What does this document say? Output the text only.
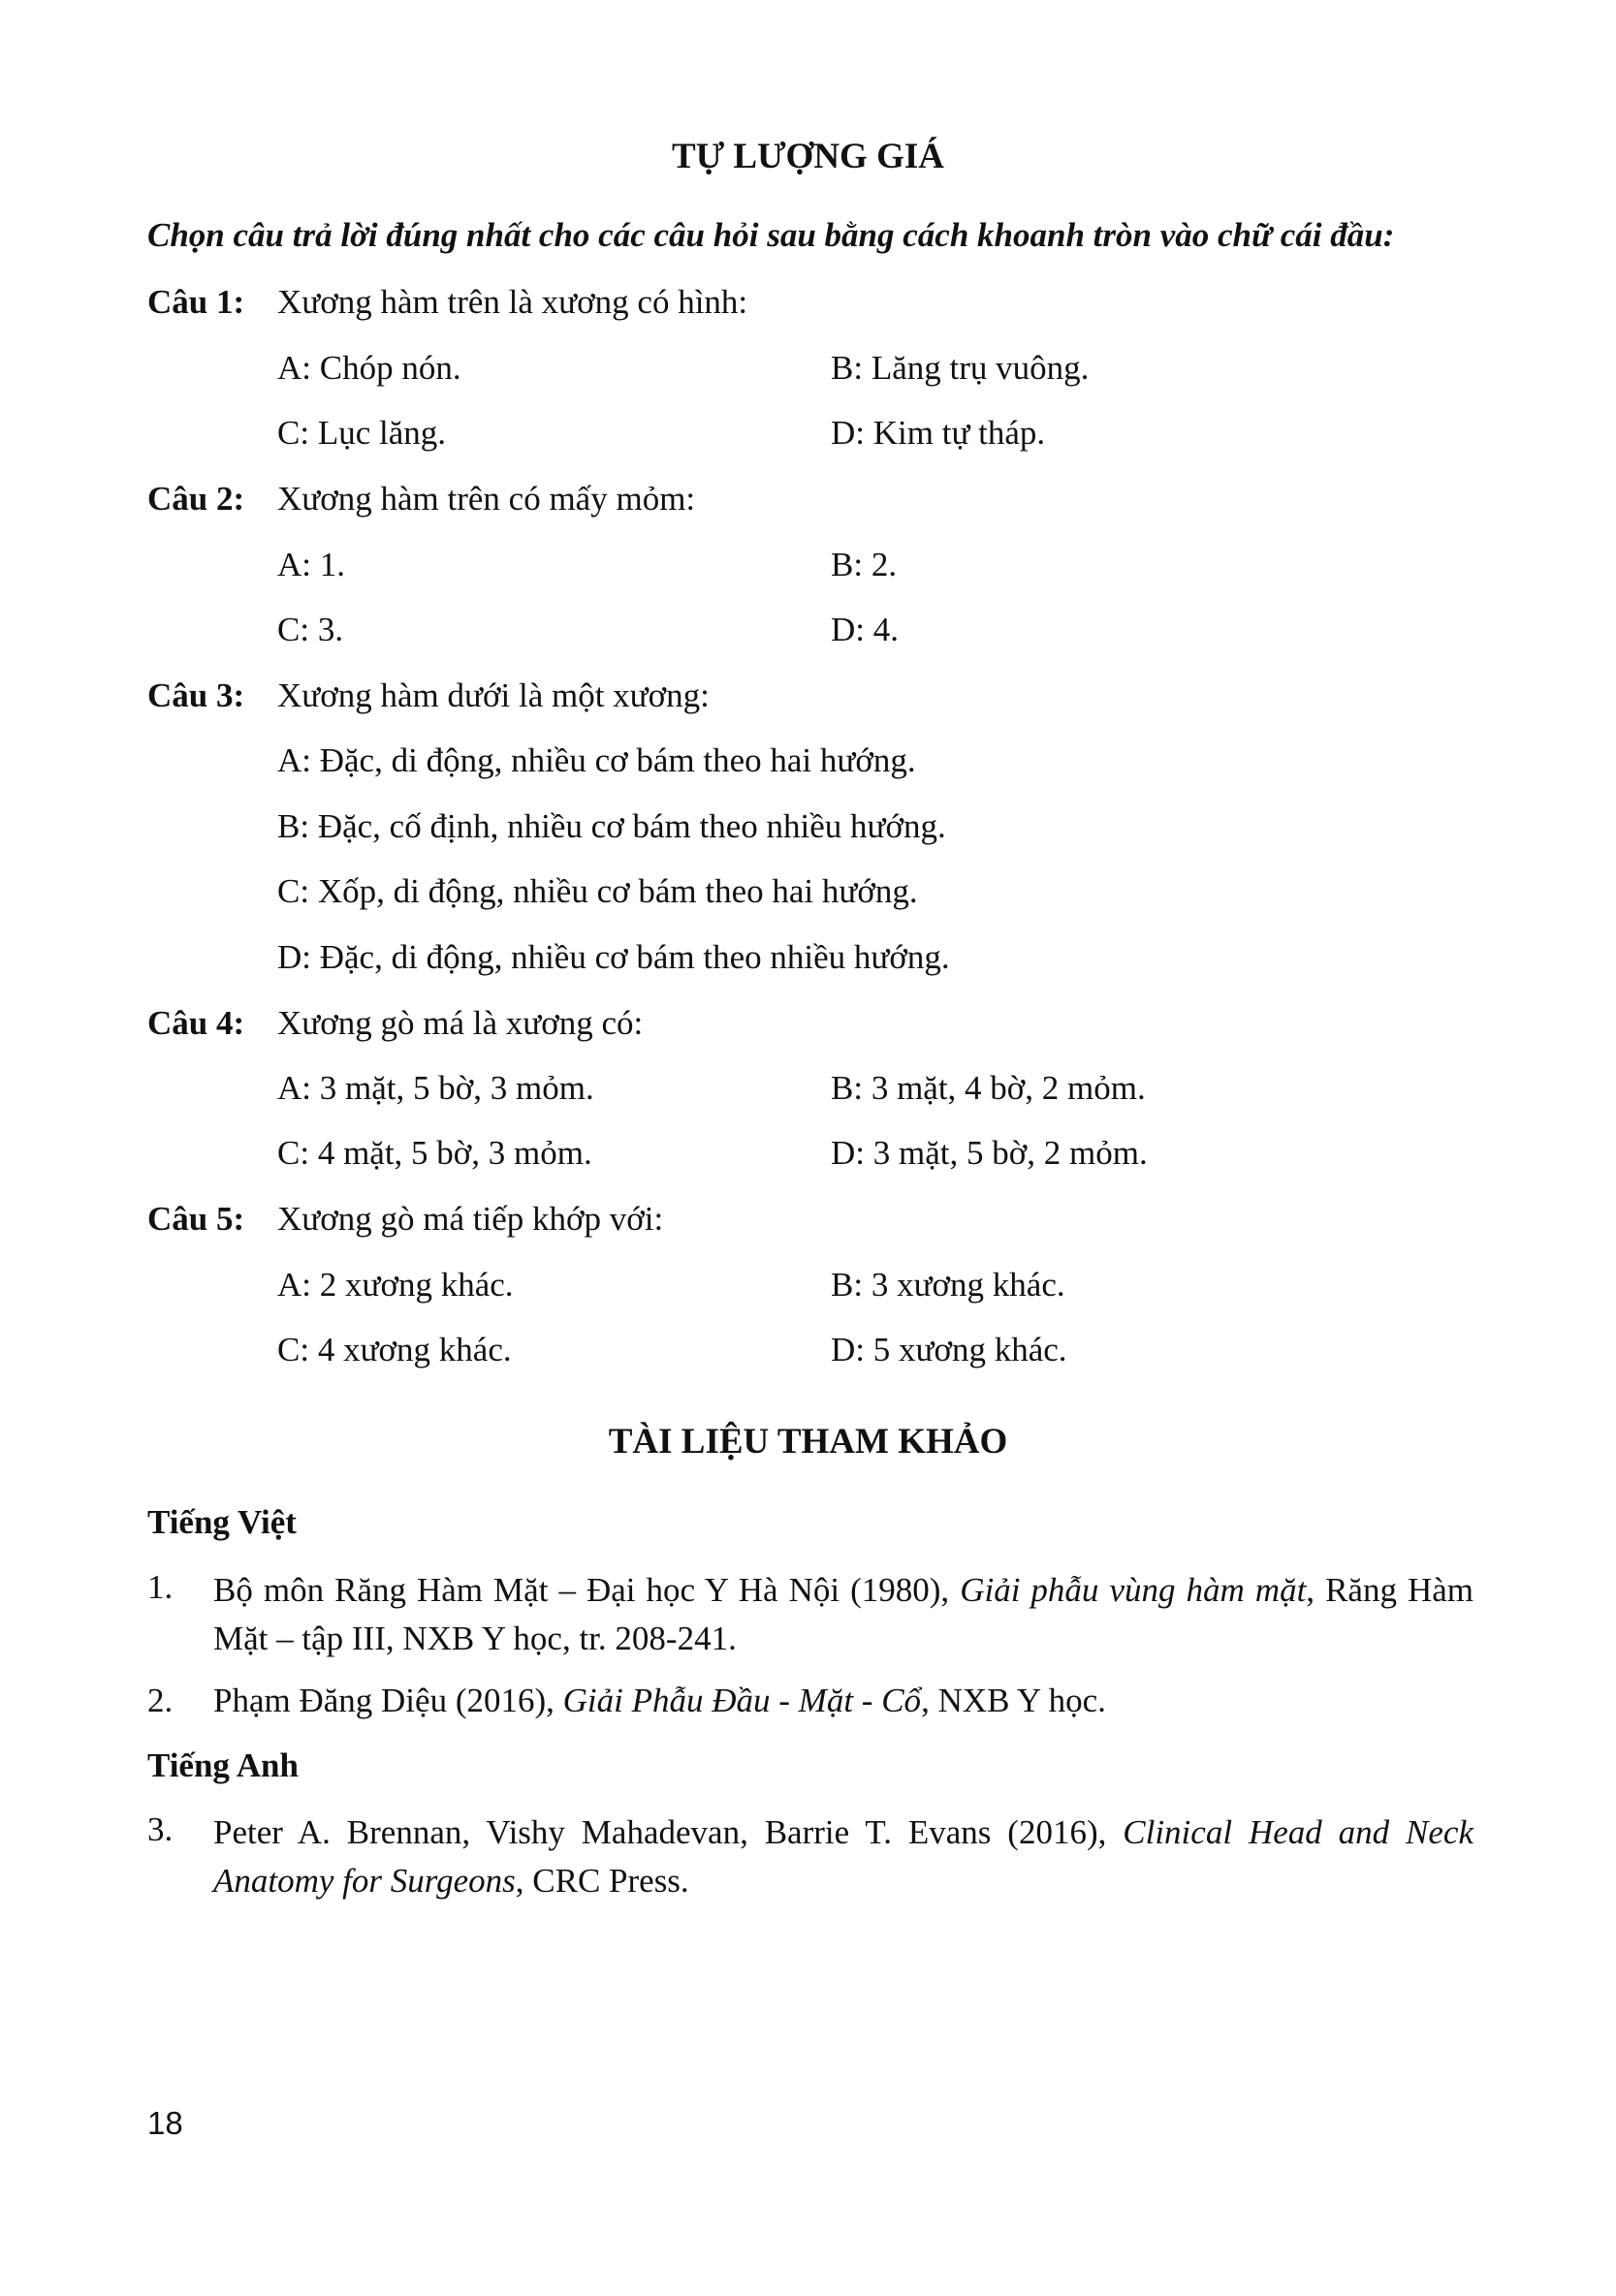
TỰ LƯỢNG GIÁ
Chọn câu trả lời đúng nhất cho các câu hỏi sau bằng cách khoanh tròn vào chữ cái đầu:
Câu 1: Xương hàm trên là xương có hình:
A: Chóp nón.	B: Lăng trụ vuông.
C: Lục lăng.	D: Kim tự tháp.
Câu 2: Xương hàm trên có mấy mỏm:
A: 1.	B: 2.
C: 3.	D: 4.
Câu 3: Xương hàm dưới là một xương:
A: Đặc, di động, nhiều cơ bám theo hai hướng.
B: Đặc, cố định, nhiều cơ bám theo nhiều hướng.
C: Xốp, di động, nhiều cơ bám theo hai hướng.
D: Đặc, di động, nhiều cơ bám theo nhiều hướng.
Câu 4: Xương gò má là xương có:
A: 3 mặt, 5 bờ, 3 mỏm.	B: 3 mặt, 4 bờ, 2 mỏm.
C: 4 mặt, 5 bờ, 3 mỏm.	D: 3 mặt, 5 bờ, 2 mỏm.
Câu 5: Xương gò má tiếp khớp với:
A: 2 xương khác.	B: 3 xương khác.
C: 4 xương khác.	D: 5 xương khác.
TÀI LIỆU THAM KHẢO
Tiếng Việt
1. Bộ môn Răng Hàm Mặt – Đại học Y Hà Nội (1980), Giải phẫu vùng hàm mặt, Răng Hàm Mặt – tập III, NXB Y học, tr. 208-241.
2. Phạm Đăng Diệu (2016), Giải Phẫu Đầu - Mặt - Cổ, NXB Y học.
Tiếng Anh
3. Peter A. Brennan, Vishy Mahadevan, Barrie T. Evans (2016), Clinical Head and Neck Anatomy for Surgeons, CRC Press.
18
